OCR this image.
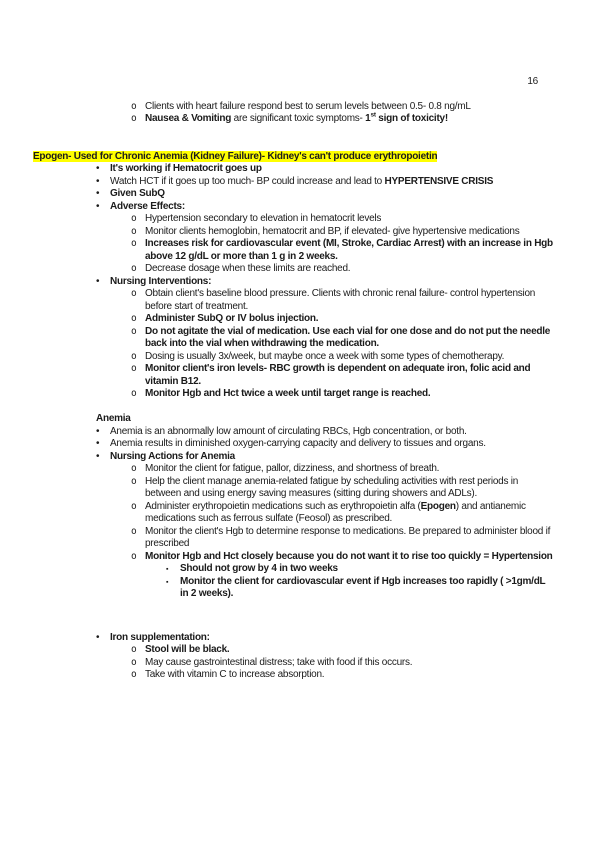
16
o Clients with heart failure respond best to serum levels between 0.5- 0.8 ng/mL
o Nausea & Vomiting are significant toxic symptoms- 1st sign of toxicity!
Epogen- Used for Chronic Anemia (Kidney Failure)- Kidney's can't produce erythropoietin
• It's working if Hematocrit goes up
• Watch HCT if it goes up too much- BP could increase and lead to HYPERTENSIVE CRISIS
• Given SubQ
• Adverse Effects:
o Hypertension secondary to elevation in hematocrit levels
o Monitor clients hemoglobin, hematocrit and BP, if elevated- give hypertensive medications
o Increases risk for cardiovascular event (MI, Stroke, Cardiac Arrest) with an increase in Hgb above 12 g/dL or more than 1 g in 2 weeks.
o Decrease dosage when these limits are reached.
• Nursing Interventions:
o Obtain client's baseline blood pressure. Clients with chronic renal failure- control hypertension before start of treatment.
o Administer SubQ or IV bolus injection.
o Do not agitate the vial of medication. Use each vial for one dose and do not put the needle back into the vial when withdrawing the medication.
o Dosing is usually 3x/week, but maybe once a week with some types of chemotherapy.
o Monitor client's iron levels- RBC growth is dependent on adequate iron, folic acid and vitamin B12.
o Monitor Hgb and Hct twice a week until target range is reached.
Anemia
• Anemia is an abnormally low amount of circulating RBCs, Hgb concentration, or both.
• Anemia results in diminished oxygen-carrying capacity and delivery to tissues and organs.
• Nursing Actions for Anemia
o Monitor the client for fatigue, pallor, dizziness, and shortness of breath.
o Help the client manage anemia-related fatigue by scheduling activities with rest periods in between and using energy saving measures (sitting during showers and ADLs).
o Administer erythropoietin medications such as erythropoietin alfa (Epogen) and antianemic medications such as ferrous sulfate (Feosol) as prescribed.
o Monitor the client's Hgb to determine response to medications. Be prepared to administer blood if prescribed
o Monitor Hgb and Hct closely because you do not want it to rise too quickly = Hypertension
▪ Should not grow by 4 in two weeks
▪ Monitor the client for cardiovascular event if Hgb increases too rapidly ( >1gm/dL in 2 weeks).
• Iron supplementation:
o Stool will be black.
o May cause gastrointestinal distress; take with food if this occurs.
o Take with vitamin C to increase absorption.
